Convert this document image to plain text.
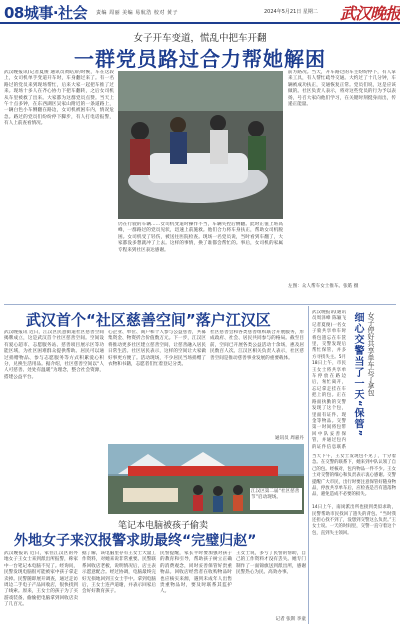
08城事·社会 责编 周丽 美编 易航浩 校对 黄子	2024年5月21日 星期二 武汉晚报
女子开车变道，慌乱中把车开翻
一群党员路过合力帮她解困
武汉晚报讯(记者夏俊 通讯员黄皓)的时候，车在这段上，女司机单手变道开车时，车身翻过来了。有一名路过的党员来到现场帮忙，后来大家一起把车推了过来。现场十多人在齐心协力下把车翻转，之后女司机从车里被救了出来。大家都为这群党员点赞。当天上午十点多钟，在东西湖区吴家山附近的一条道路上，一辆白色小车侧翻在路边，女司机被困车内，情况危急。路过的党员们纷纷停下脚步，有人打电话报警，有人上前查看情况。
仍在行驶的车辆……女司机变道时操作不当，车辆失控后侧翻。此时正值上班高峰，一群路过的党员见状，迅速上前施救。他们合力将车身扶正，帮助女司机脱困。女司机受了轻伤，被送往医院检查。现场一名党员说，当时看到车翻了，大家都没多想就冲了上去。这样的事情，换了谁都会帮忙的。事后，女司机的家属专程来到社区表达感谢。
前方路况。当天，开车路过的车主纷纷停下，有人拿来工具，有人帮忙疏导交通。大约过了十几分钟，车辆被成功扶正，交通恢复正常。党员们说，这是应该做的。社区负责人表示，将对这些党员的行为予以表扬，号召大家向他们学习，在关键时刻挺身而出，传递正能量。
左图：众人帮车女士推车。张皓 摄
武汉首个“社区慈善空间”落户江汉区
武汉晚报讯 近日，江汉区民意街道社区慈善空间揭牌成立，这是武汉首个社区慈善空间。空间设有爱心超市、志愿服务站、慈善项目展示区等功能区域，为社区困难群众提供帮助。居民可以通过捐赠物品、参与志愿服务等方式积累爱心积分，兑换生活用品。据介绍，社区慈善空间以“人人可慈善、处处有温暖”为理念，整合社会资源，搭建公益平台。
心企业、单位、商户和个人参与公益慈善，共募集资金、物资折合价值数万元。下一步，江汉区将推动更多社区建立慈善空间，让慈善融入居民日常生活。社区居民表示，这样的空间让大家做好事更方便了。活动现场，不少居民当场捐赠了衣物和书籍，志愿者们忙着登记分类。
社区慈善会和各类慈善组织联合开展服务，形成政府、社会、居民共同参与的格局。截至目前，空间已开展各类公益活动十余场，惠及居民数百人次。江汉区相关负责人表示，社区慈善空间是推动慈善事业发展的重要载体。
江汉区第二届“社区慈善节”启动现场。
通讯员 周嘉丹
笔记本电脑被孩子偷卖
外地女子来汉报警求助最终“完璧归赵”
武汉晚报讯 近日，家住江汉区的外地女子王女士来到派出所报警，称家中一台笔记本电脑不见了。经询问，民警发现电脑很可能被家中孩子拿走卖掉。民警随即展开调查，通过走访周边二手电子产品回收店，很快找到了线索。原来，王女士的孩子为了买游戏装备，偷偷把电脑拿到回收店卖了几百元。
据了解，该电脑里存有王女士大量工作资料，对她来说非常重要。民警联系回收店老板，说明情况后，店主表示愿意配合。经过协调，电脑最终完好无损地回到王女士手中。拿到电脑后，王女士连声道谢，并表示回家后会好好教育孩子。
民警提醒，家长平时要加强对孩子的教育和引导，帮助孩子树立正确的消费观念，同时妥善保管好贵重物品。回收店经营者在收购物品时也应核实来源，遇到未成年人出售贵重物品时，要及时联系其监护人。
王女士说，多亏了民警的帮助，自己的工作资料才没有丢失。她专门制作了一面锦旗送到派出所，感谢民警热心为民、高效办事。
记者 张斯 李童
武汉晚报讯(通讯员周泽峰 陈颖飞 记者夏俊)一名女子骑共享单车时将包遗忘在车筐里，交警发现后帮忙保管，并多方寻找失主。5月18日上午，市民王女士将共享单车停放在路边后，匆忙离开，忘记拿走挂在车把上的包。正在路面执勤的交警发现了这个包，里面有证件、现金等物品。交警第一时间将包带回中队妥善保管，并通过包内的证件信息联系
女子停好共享单车忘了拿包
细心交警当了一天“保管”
当天下午，王女士发现包不见了，十分着急。在交警的联系下，她来到中队认领了自己的包。经核对，包内物品一件不少。王女士对交警的细心和负责表示衷心感谢。交警提醒广大市民，出行时要注意保管好随身物品，停放共享单车后，应检查是否有遗落物品，避免造成不必要的损失。

14日上午，南岗派出所也接到类似求助，民警帮助市民找回了遗失的背包。“当时我还担心找不到了，没想到交警这么负责。”王女士说。一天的时间里，交警一直守着这个包，直到失主领回。
